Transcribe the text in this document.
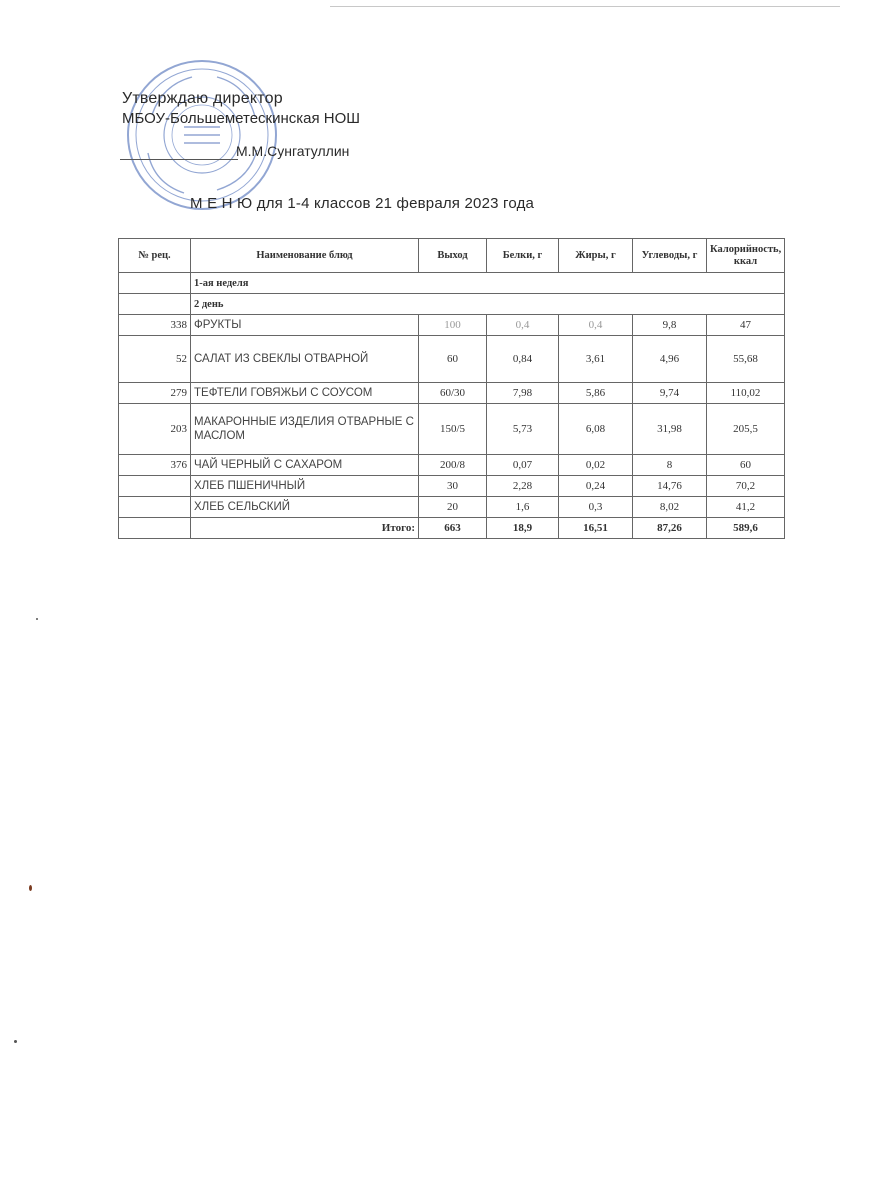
Утверждаю директор
МБОУ-Большеметескинская НОШ
М.М.Сунгатуллин
М Е Н Ю для 1-4 классов 21 февраля 2023 года
№ рец.	Наименование блюд	Выход	Белки, г	Жиры, г	Углеводы, г	Калорийность, ккал
	1-ая неделя					
	2 день					
338	ФРУКТЫ	100	0,4	0,4	9,8	47
52	САЛАТ ИЗ СВЕКЛЫ ОТВАРНОЙ	60	0,84	3,61	4,96	55,68
279	ТЕФТЕЛИ ГОВЯЖЬИ С СОУСОМ	60/30	7,98	5,86	9,74	110,02
203	МАКАРОННЫЕ ИЗДЕЛИЯ ОТВАРНЫЕ С МАСЛОМ	150/5	5,73	6,08	31,98	205,5
376	ЧАЙ ЧЕРНЫЙ С САХАРОМ	200/8	0,07	0,02	8	60
	ХЛЕБ ПШЕНИЧНЫЙ	30	2,28	0,24	14,76	70,2
	ХЛЕБ СЕЛЬСКИЙ	20	1,6	0,3	8,02	41,2
	Итого:	663	18,9	16,51	87,26	589,6
